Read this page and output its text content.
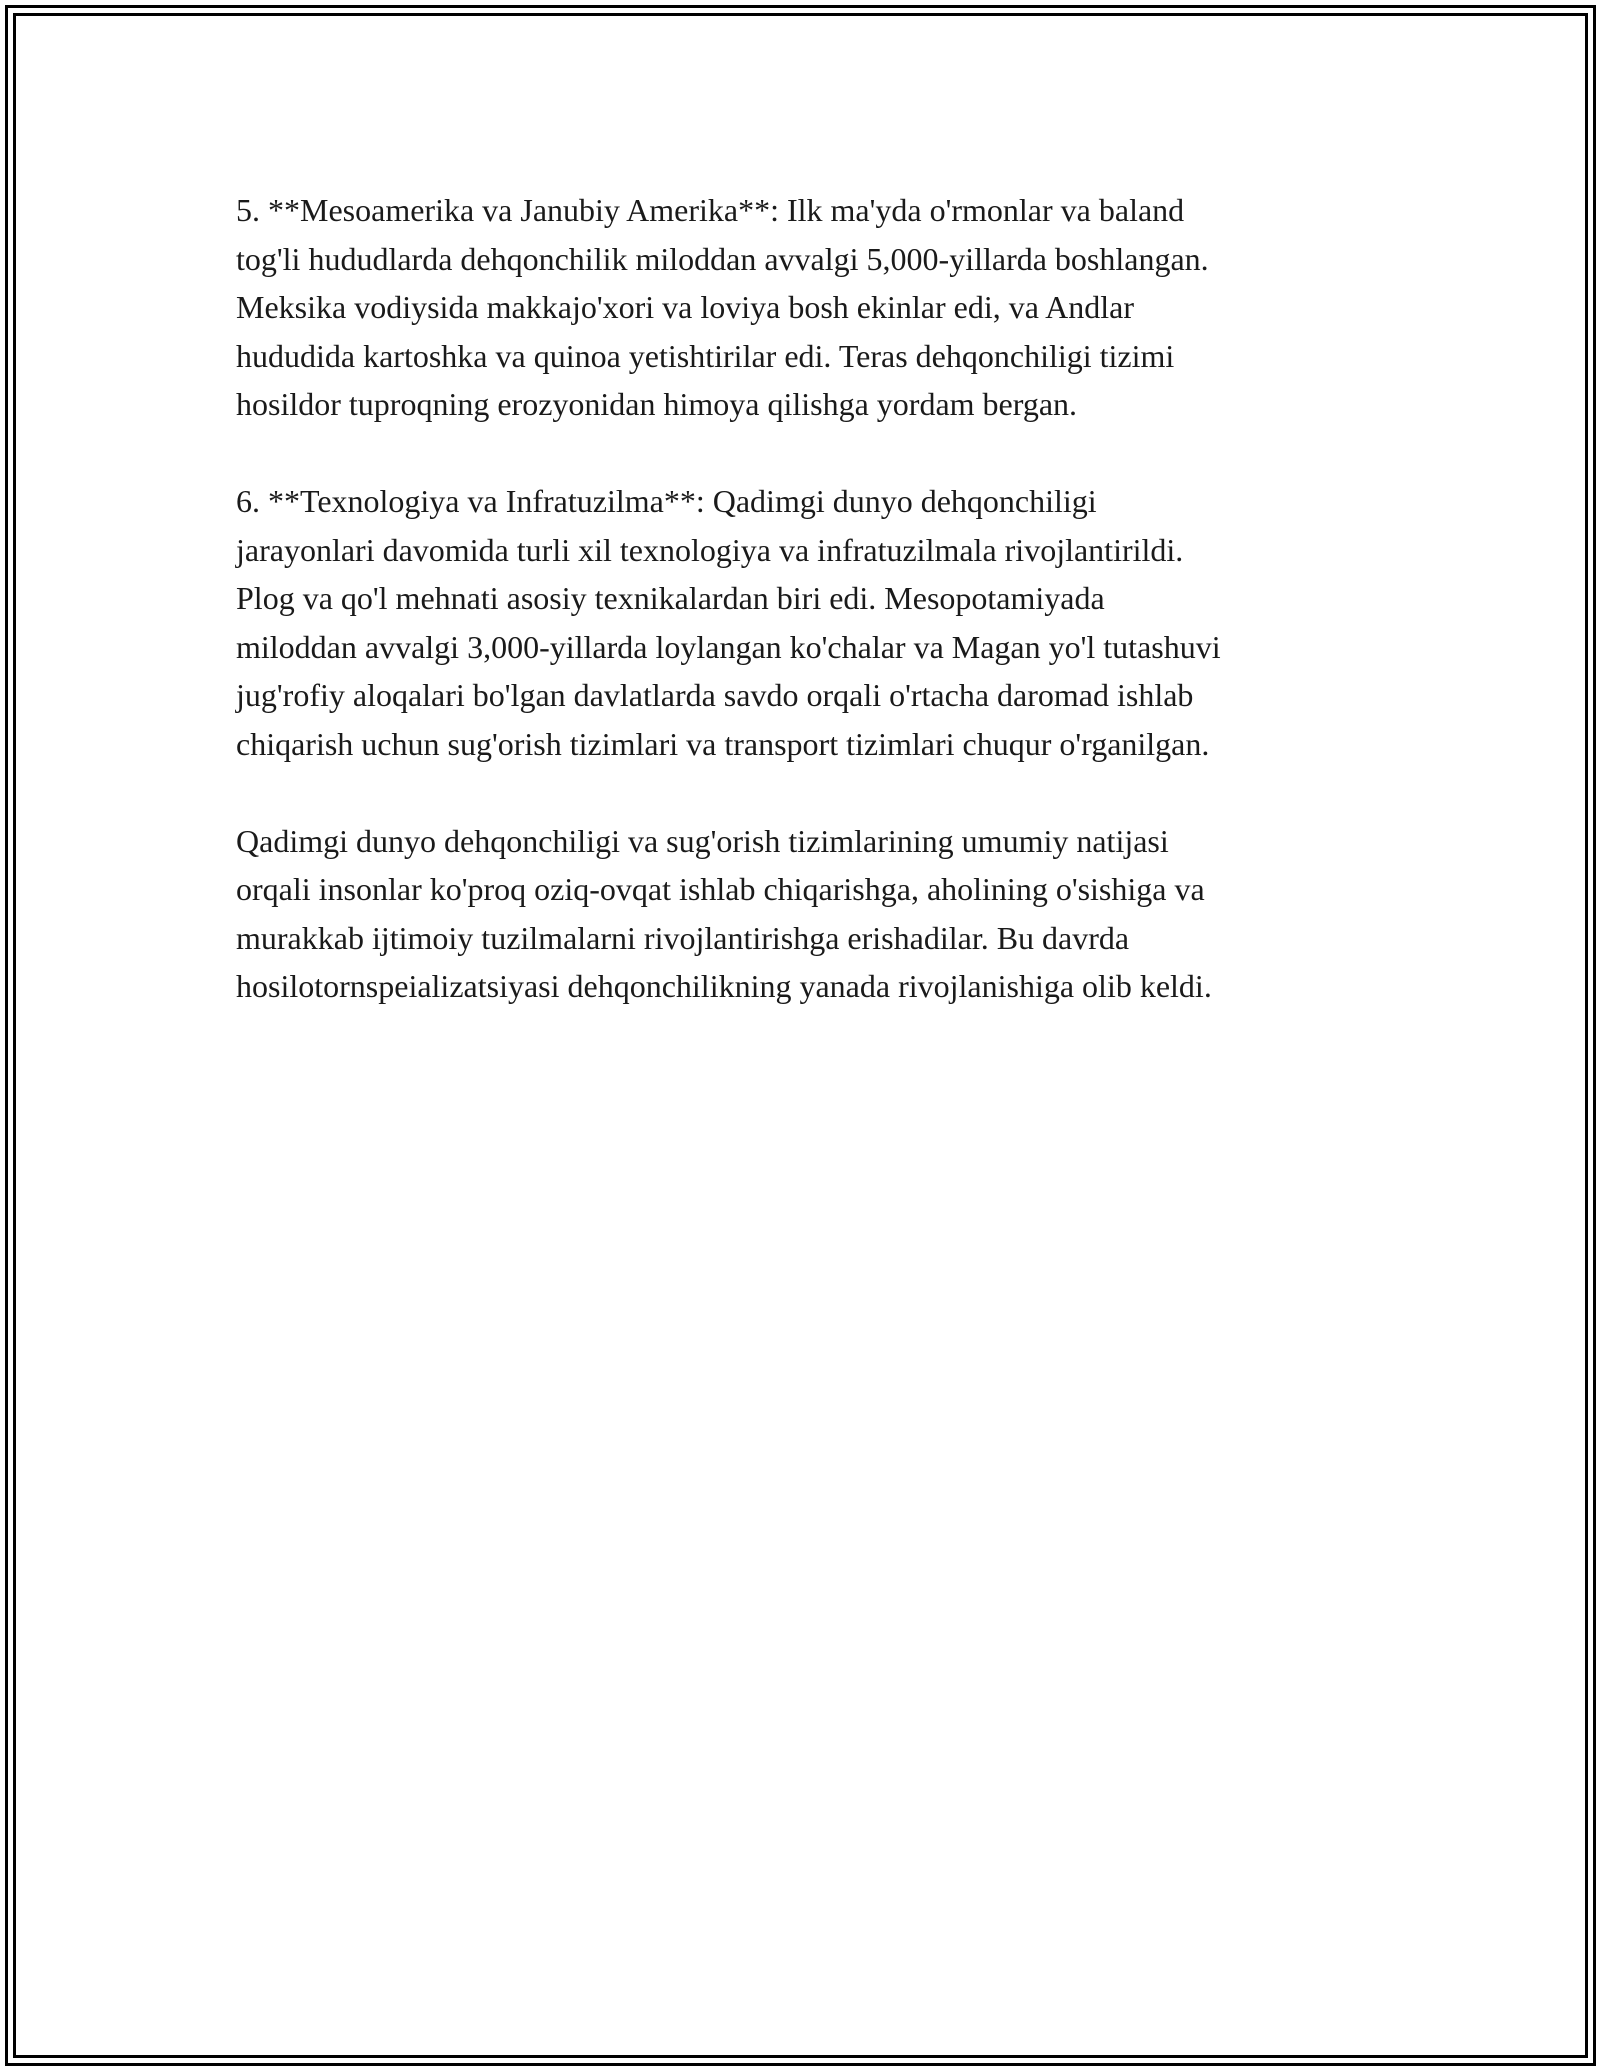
5. **Mesoamerika va Janubiy Amerika**: Ilk ma'yda o'rmonlar va baland
tog'li hududlarda dehqonchilik miloddan avvalgi 5,000-yillarda boshlangan.
Meksika vodiysida makkajo'xori va loviya bosh ekinlar edi, va Andlar
hududida kartoshka va quinoa yetishtirilar edi. Teras dehqonchiligi tizimi
hosildor tuproqning erozyonidan himoya qilishga yordam bergan.

6. **Texnologiya va Infratuzilma**: Qadimgi dunyo dehqonchiligi
jarayonlari davomida turli xil texnologiya va infratuzilmala rivojlantirildi.
Plog va qo'l mehnati asosiy texnikalardan biri edi. Mesopotamiyada
miloddan avvalgi 3,000-yillarda loylangan ko'chalar va Magan yo'l tutashuvi
jug'rofiy aloqalari bo'lgan davlatlarda savdo orqali o'rtacha daromad ishlab
chiqarish uchun sug'orish tizimlari va transport tizimlari chuqur o'rganilgan.

Qadimgi dunyo dehqonchiligi va sug'orish tizimlarining umumiy natijasi
orqali insonlar ko'proq oziq-ovqat ishlab chiqarishga, aholining o'sishiga va
murakkab ijtimoiy tuzilmalarni rivojlantirishga erishadilar. Bu davrda
hosilotornspeializatsiyasi dehqonchilikning yanada rivojlanishiga olib keldi.
